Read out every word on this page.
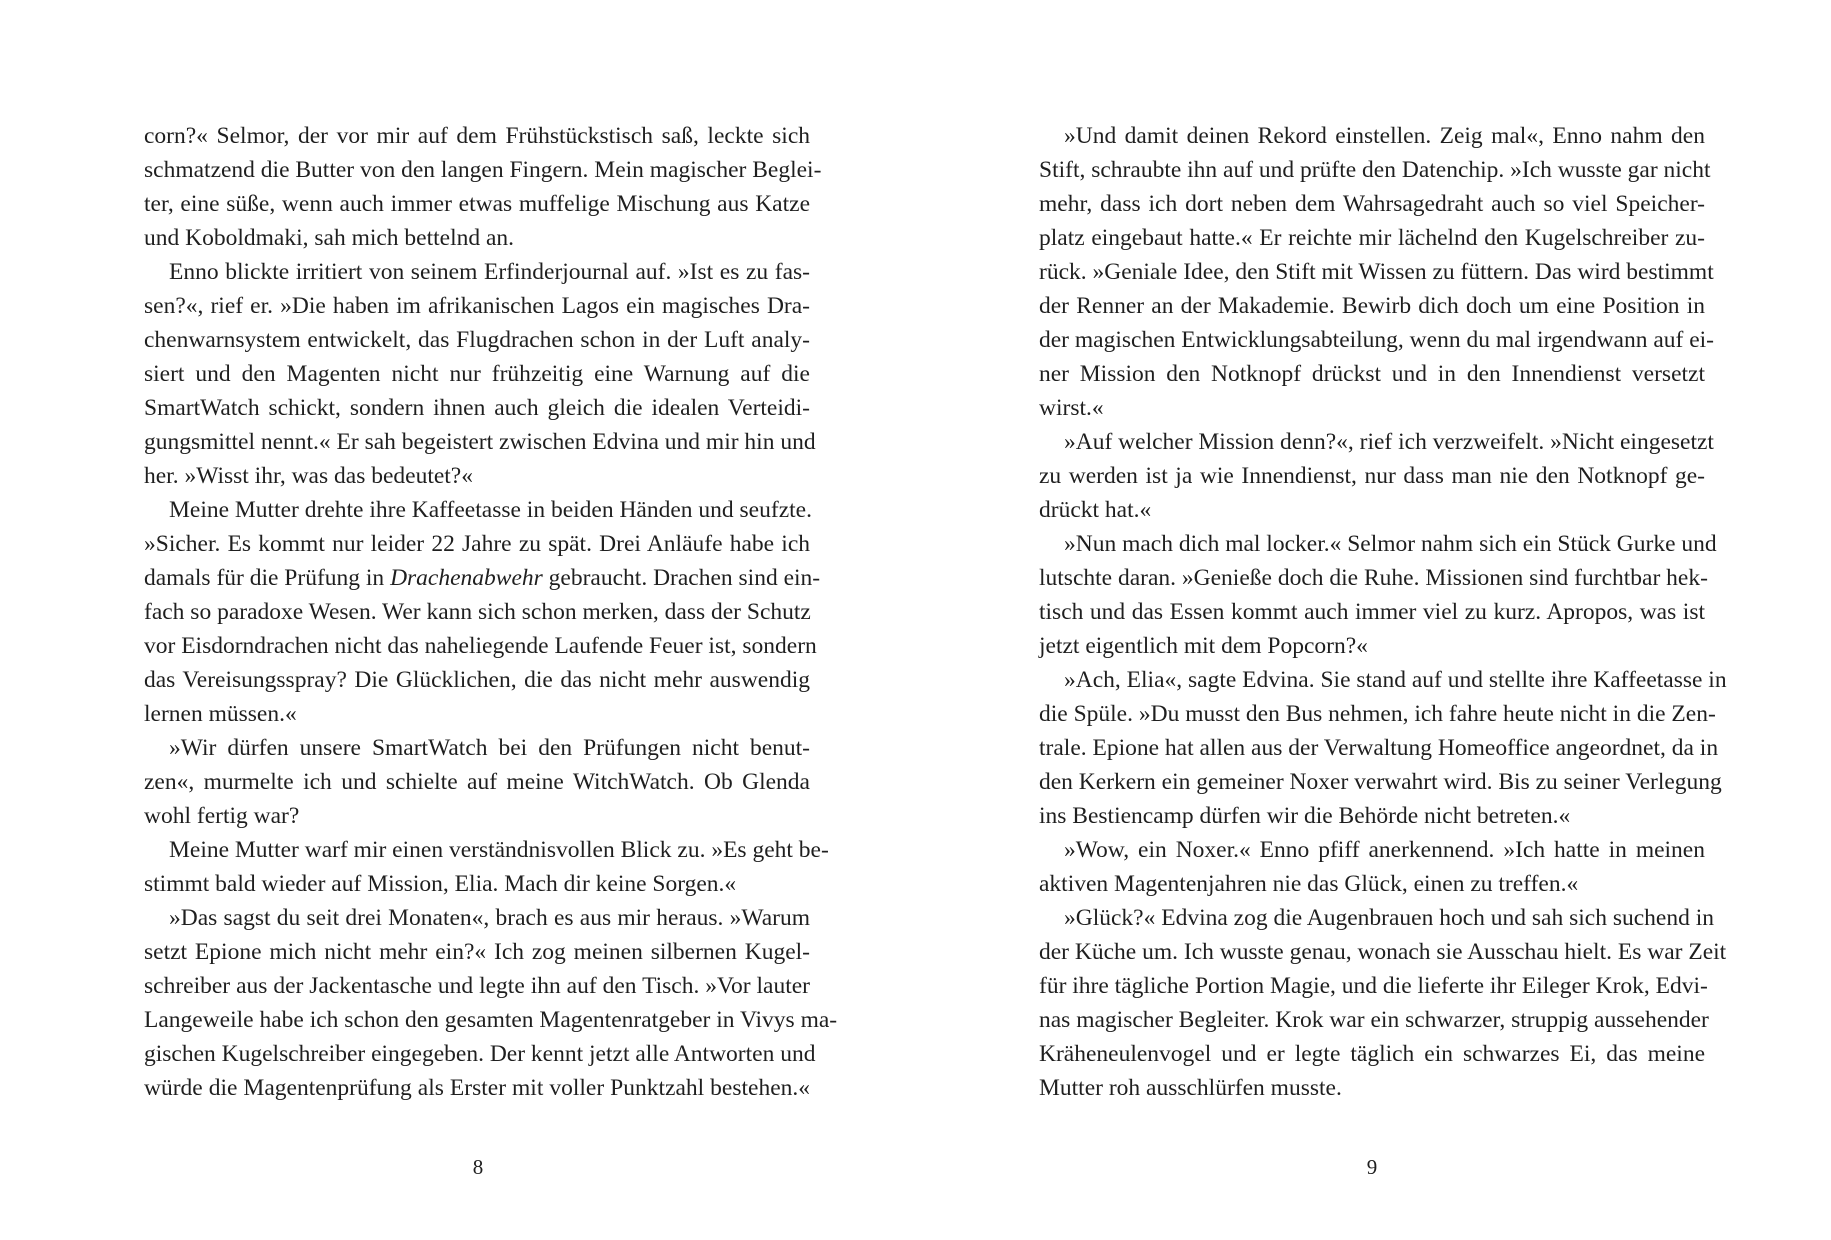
corn?« Selmor, der vor mir auf dem Frühstückstisch saß, leckte sich
schmatzend die Butter von den langen Fingern. Mein magischer Beglei-
ter, eine süße, wenn auch immer etwas muffelige Mischung aus Katze
und Koboldmaki, sah mich bettelnd an.
Enno blickte irritiert von seinem Erfinderjournal auf. »Ist es zu fas-
sen?«, rief er. »Die haben im afrikanischen Lagos ein magisches Dra-
chenwarnsystem entwickelt, das Flugdrachen schon in der Luft analy-
siert und den Magenten nicht nur frühzeitig eine Warnung auf die
SmartWatch schickt, sondern ihnen auch gleich die idealen Verteidi-
gungsmittel nennt.« Er sah begeistert zwischen Edvina und mir hin und
her. »Wisst ihr, was das bedeutet?«
Meine Mutter drehte ihre Kaffeetasse in beiden Händen und seufzte.
»Sicher. Es kommt nur leider 22 Jahre zu spät. Drei Anläufe habe ich
damals für die Prüfung in Drachenabwehr gebraucht. Drachen sind ein-
fach so paradoxe Wesen. Wer kann sich schon merken, dass der Schutz
vor Eisdorndrachen nicht das naheliegende Laufende Feuer ist, sondern
das Vereisungsspray? Die Glücklichen, die das nicht mehr auswendig
lernen müssen.«
»Wir dürfen unsere SmartWatch bei den Prüfungen nicht benut-
zen«, murmelte ich und schielte auf meine WitchWatch. Ob Glenda
wohl fertig war?
Meine Mutter warf mir einen verständnisvollen Blick zu. »Es geht be-
stimmt bald wieder auf Mission, Elia. Mach dir keine Sorgen.«
»Das sagst du seit drei Monaten«, brach es aus mir heraus. »Warum
setzt Epione mich nicht mehr ein?« Ich zog meinen silbernen Kugel-
schreiber aus der Jackentasche und legte ihn auf den Tisch. »Vor lauter
Langeweile habe ich schon den gesamten Magentenratgeber in Vivys ma-
gischen Kugelschreiber eingegeben. Der kennt jetzt alle Antworten und
würde die Magentenprüfung als Erster mit voller Punktzahl bestehen.«
8
»Und damit deinen Rekord einstellen. Zeig mal«, Enno nahm den
Stift, schraubte ihn auf und prüfte den Datenchip. »Ich wusste gar nicht
mehr, dass ich dort neben dem Wahrsagedraht auch so viel Speicher-
platz eingebaut hatte.« Er reichte mir lächelnd den Kugelschreiber zu-
rück. »Geniale Idee, den Stift mit Wissen zu füttern. Das wird bestimmt
der Renner an der Makademie. Bewirb dich doch um eine Position in
der magischen Entwicklungsabteilung, wenn du mal irgendwann auf ei-
ner Mission den Notknopf drückst und in den Innendienst versetzt
wirst.«
»Auf welcher Mission denn?«, rief ich verzweifelt. »Nicht eingesetzt
zu werden ist ja wie Innendienst, nur dass man nie den Notknopf ge-
drückt hat.«
»Nun mach dich mal locker.« Selmor nahm sich ein Stück Gurke und
lutschte daran. »Genieße doch die Ruhe. Missionen sind furchtbar hek-
tisch und das Essen kommt auch immer viel zu kurz. Apropos, was ist
jetzt eigentlich mit dem Popcorn?«
»Ach, Elia«, sagte Edvina. Sie stand auf und stellte ihre Kaffeetasse in
die Spüle. »Du musst den Bus nehmen, ich fahre heute nicht in die Zen-
trale. Epione hat allen aus der Verwaltung Homeoffice angeordnet, da in
den Kerkern ein gemeiner Noxer verwahrt wird. Bis zu seiner Verlegung
ins Bestiencamp dürfen wir die Behörde nicht betreten.«
»Wow, ein Noxer.« Enno pfiff anerkennend. »Ich hatte in meinen
aktiven Magentenjahren nie das Glück, einen zu treffen.«
»Glück?« Edvina zog die Augenbrauen hoch und sah sich suchend in
der Küche um. Ich wusste genau, wonach sie Ausschau hielt. Es war Zeit
für ihre tägliche Portion Magie, und die lieferte ihr Eileger Krok, Edvi-
nas magischer Begleiter. Krok war ein schwarzer, struppig aussehender
Kräheneulenvogel und er legte täglich ein schwarzes Ei, das meine
Mutter roh ausschlürfen musste.
9
